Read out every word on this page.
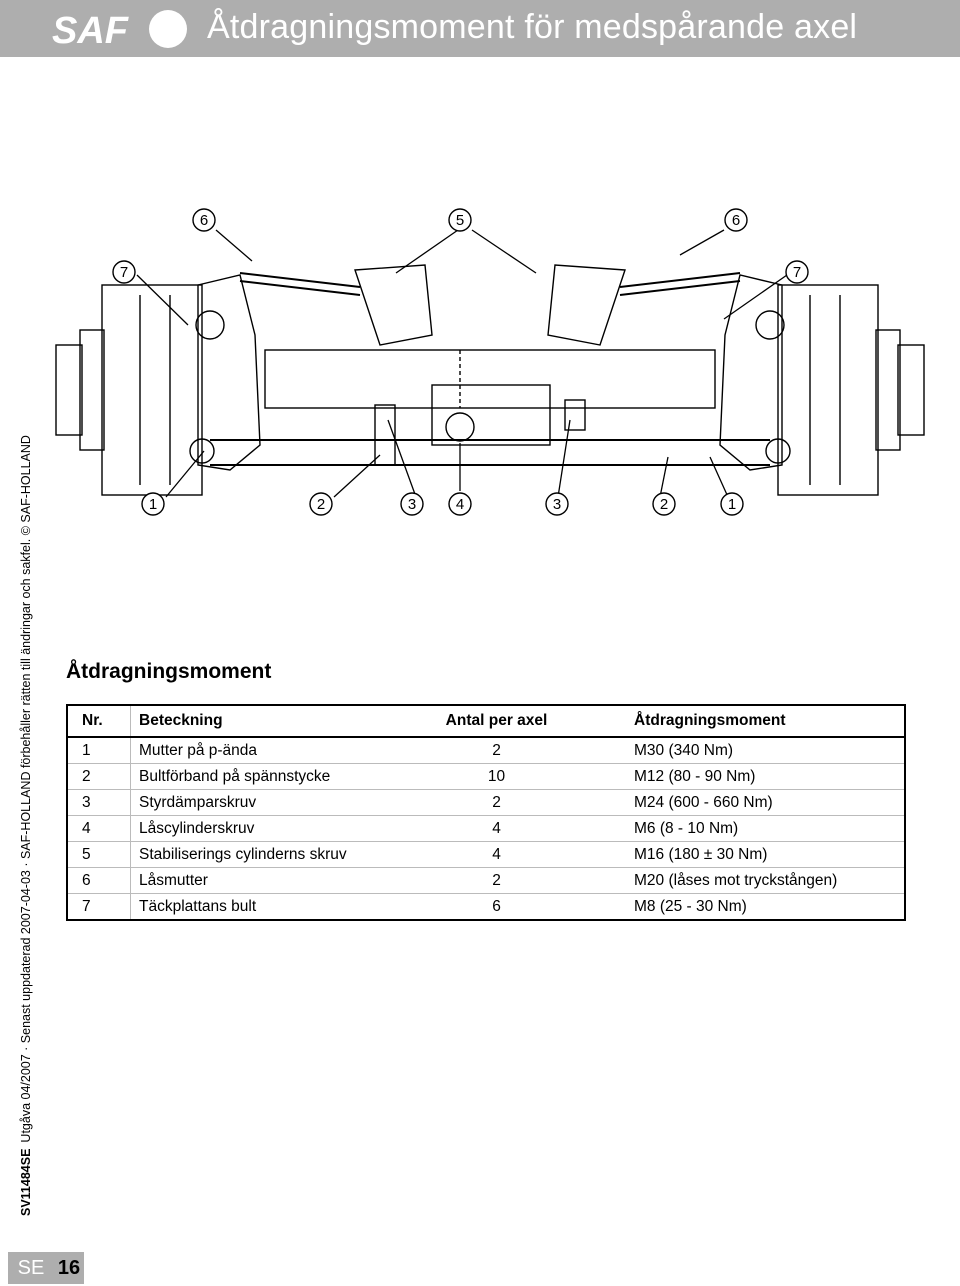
SAF Åtdragningsmoment för medspårande axel
SV11484SEUtgåva 04/2007 · Senast uppdaterad 2007-04-03 · SAF-HOLLAND förbehåller rätten till ändringar och sakfel. © SAF-HOLLAND
6	5	6
7	7
1	2	3	4	3	2	1
Åtdragningsmoment
Nr.	Beteckning	Antal per axel	Åtdragningsmoment
1	Mutter på p-ända	2	M30 (340 Nm)
2	Bultförband på spännstycke	10	M12 (80 - 90 Nm)
3	Styrdämparskruv	2	M24 (600 - 660 Nm)
4	Låscylinderskruv	4	M6 (8 - 10 Nm)
5	Stabiliserings cylinderns skruv	4	M16 (180 ± 30 Nm)
6	Låsmutter	2	M20 (låses mot tryckstången)
7	Täckplattans bult	6	M8 (25 - 30 Nm)
SE 16
